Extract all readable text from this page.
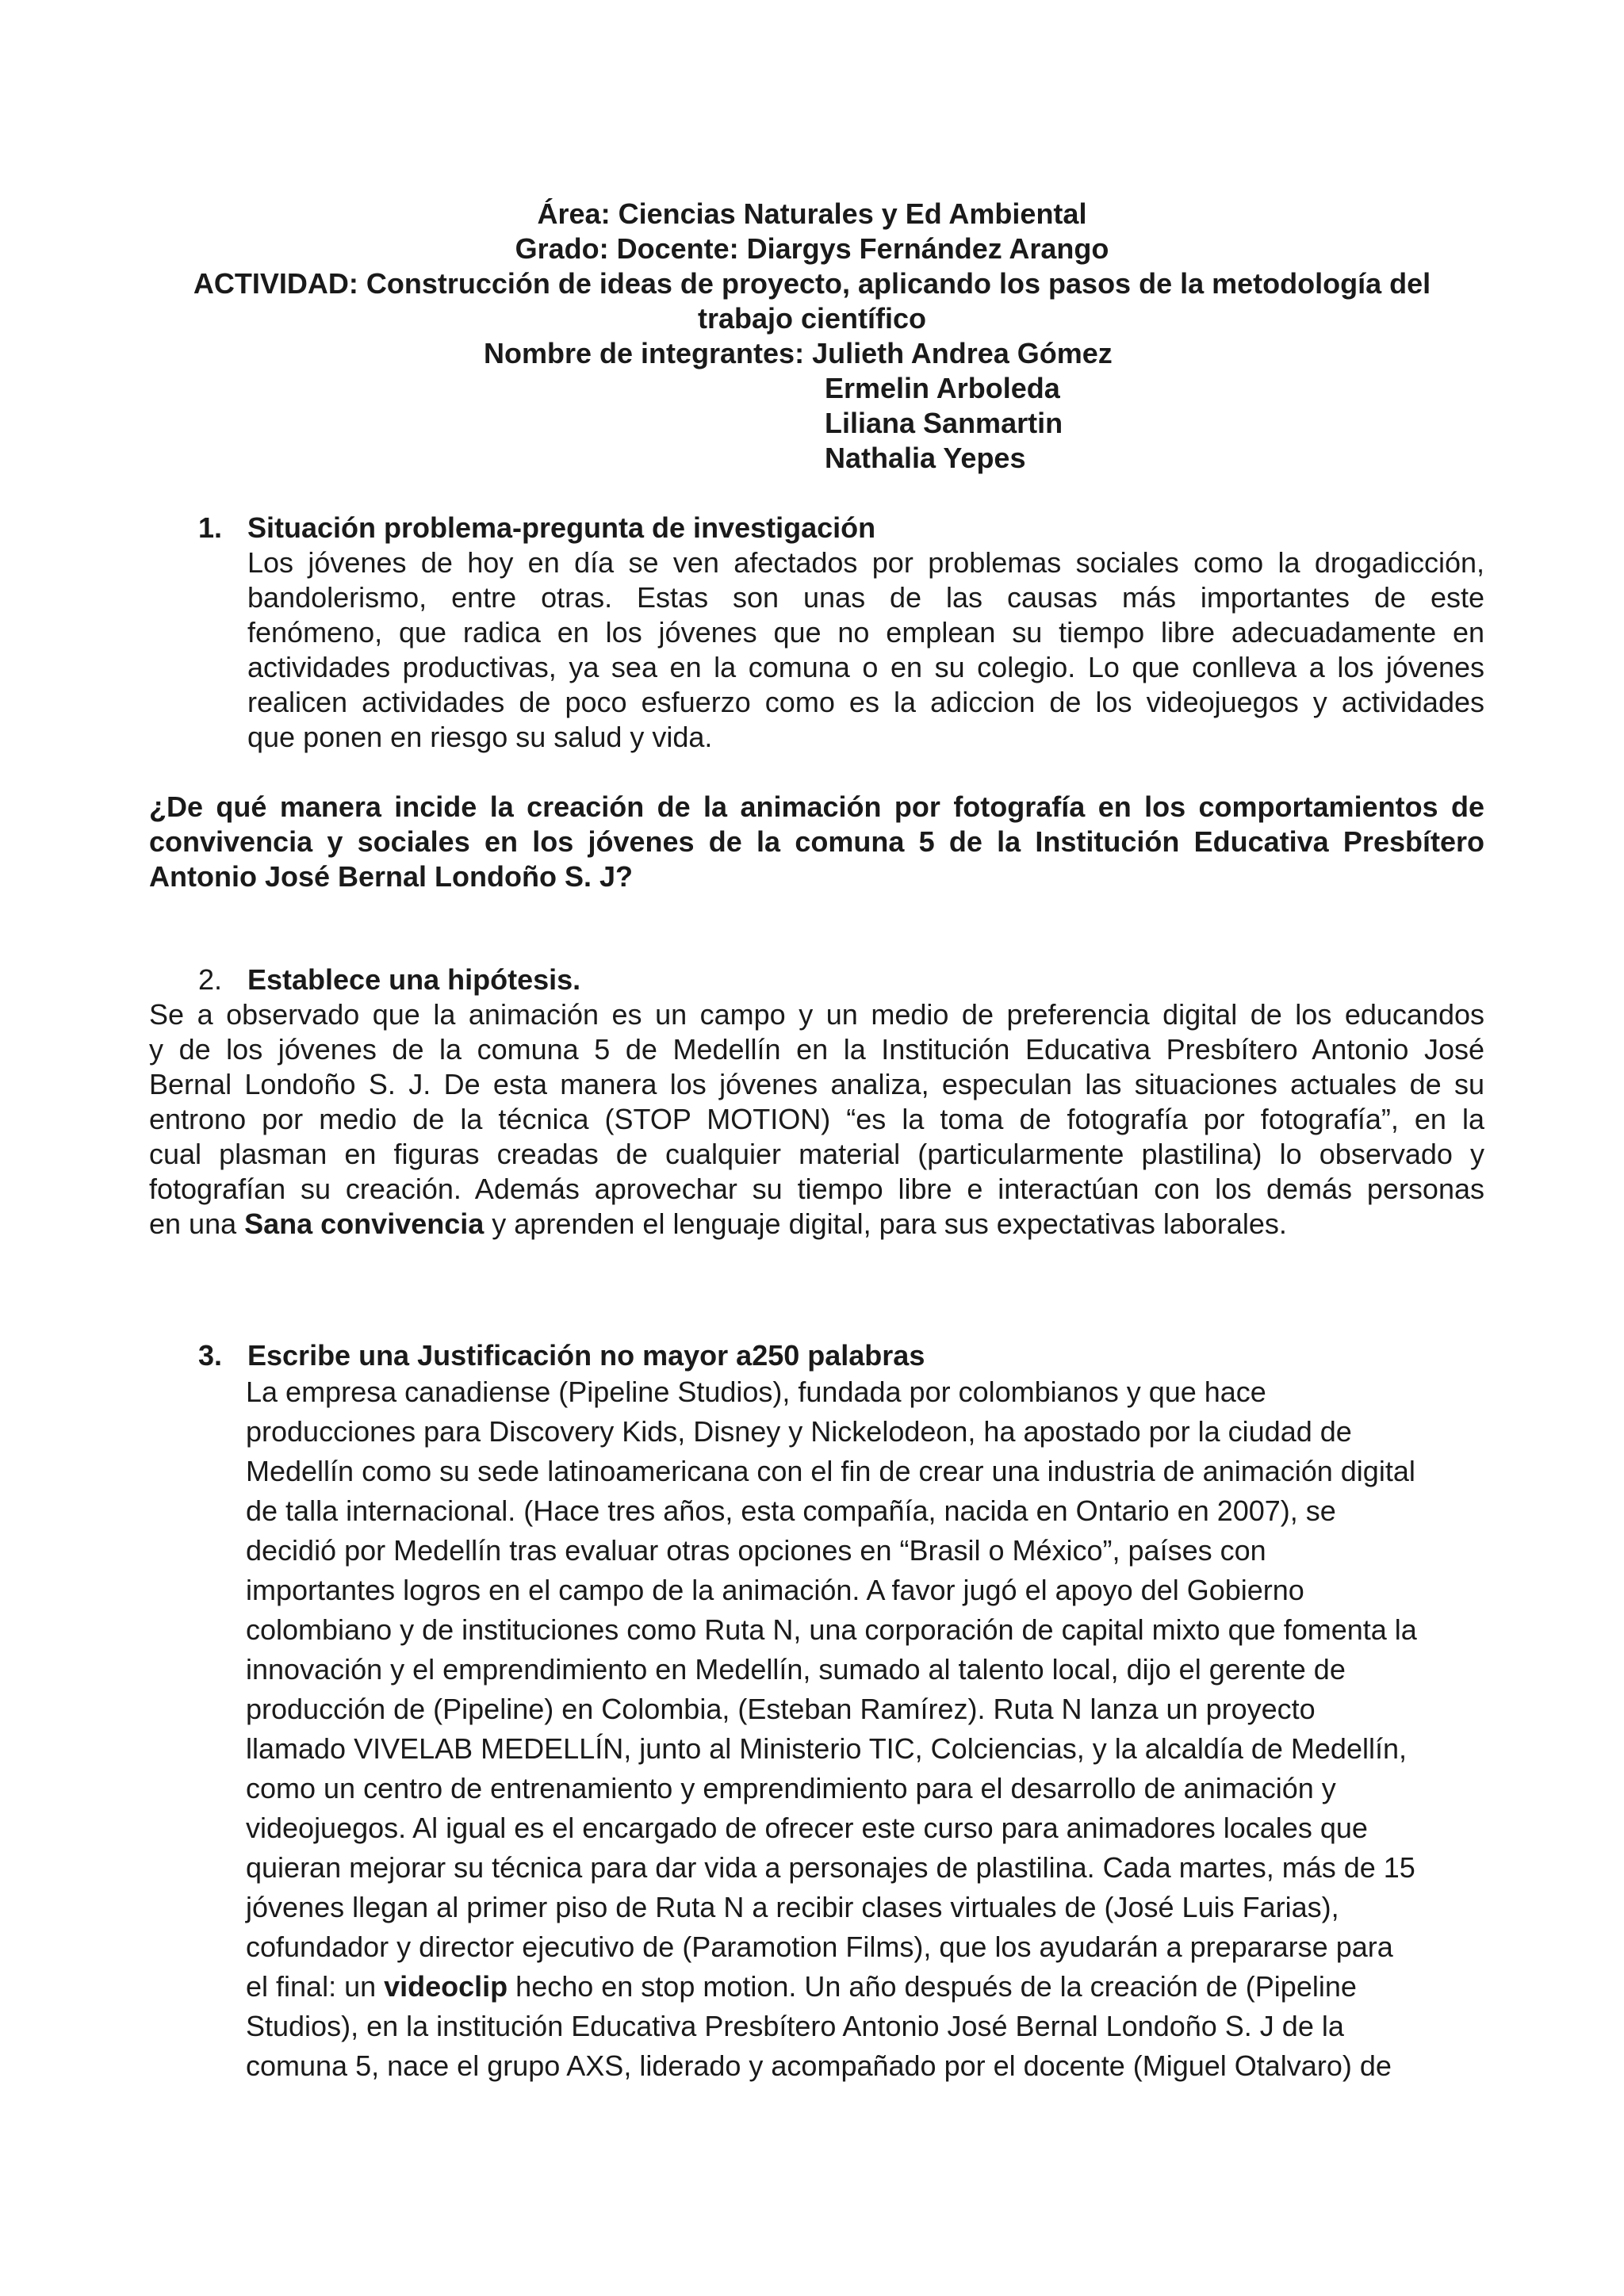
Área: Ciencias Naturales y Ed Ambiental
Grado: Docente: Diargys Fernández Arango
ACTIVIDAD: Construcción de ideas de proyecto, aplicando los pasos de la metodología del
trabajo científico
Nombre de integrantes: Julieth Andrea Gómez
Ermelin Arboleda
Liliana Sanmartin
Nathalia Yepes
1. Situación problema-pregunta de investigación
Los jóvenes de hoy en día se ven afectados por problemas sociales como la drogadicción,
bandolerismo, entre otras. Estas son unas de las causas más importantes de este
fenómeno, que radica en los jóvenes que no emplean su tiempo libre adecuadamente en
actividades productivas, ya sea en la comuna o en su colegio. Lo que conlleva a los jóvenes
realicen actividades de poco esfuerzo como es la adiccion de los videojuegos y actividades
que ponen en riesgo su salud y vida.
¿De qué manera incide la creación de la animación por fotografía en los comportamientos de
convivencia y sociales en los jóvenes de la comuna 5 de la Institución Educativa Presbítero
Antonio José Bernal Londoño S. J?
2. Establece una hipótesis.
Se a observado que la animación es un campo y un medio de preferencia digital de los educandos
y de los jóvenes de la comuna 5 de Medellín en la Institución Educativa Presbítero Antonio José
Bernal Londoño S. J. De esta manera los jóvenes analiza, especulan las situaciones actuales de su
entrono por medio de la técnica (STOP MOTION) “es la toma de fotografía por fotografía”, en la
cual plasman en figuras creadas de cualquier material (particularmente plastilina) lo observado y
fotografían su creación. Además aprovechar su tiempo libre e interactúan con los demás personas
en una Sana convivencia y aprenden el lenguaje digital, para sus expectativas laborales.
3. Escribe una Justificación no mayor a250 palabras
La empresa canadiense (Pipeline Studios), fundada por colombianos y que hace
producciones para Discovery Kids, Disney y Nickelodeon, ha apostado por la ciudad de
Medellín como su sede latinoamericana con el fin de crear una industria de animación digital
de talla internacional. (Hace tres años, esta compañía, nacida en Ontario en 2007), se
decidió por Medellín tras evaluar otras opciones en “Brasil o México”, países con
importantes logros en el campo de la animación. A favor jugó el apoyo del Gobierno
colombiano y de instituciones como Ruta N, una corporación de capital mixto que fomenta la
innovación y el emprendimiento en Medellín, sumado al talento local, dijo el gerente de
producción de (Pipeline) en Colombia, (Esteban Ramírez). Ruta N lanza un proyecto
llamado VIVELAB MEDELLÍN, junto al Ministerio TIC, Colciencias, y la alcaldía de Medellín,
como un centro de entrenamiento y emprendimiento para el desarrollo de animación y
videojuegos. Al igual es el encargado de ofrecer este curso para animadores locales que
quieran mejorar su técnica para dar vida a personajes de plastilina. Cada martes, más de 15
jóvenes llegan al primer piso de Ruta N a recibir clases virtuales de (José Luis Farias),
cofundador y director ejecutivo de (Paramotion Films), que los ayudarán a prepararse para
el final: un videoclip hecho en stop motion. Un año después de la creación de (Pipeline
Studios), en la institución Educativa Presbítero Antonio José Bernal Londoño S. J de la
comuna 5, nace el grupo AXS, liderado y acompañado por el docente (Miguel Otalvaro) de
